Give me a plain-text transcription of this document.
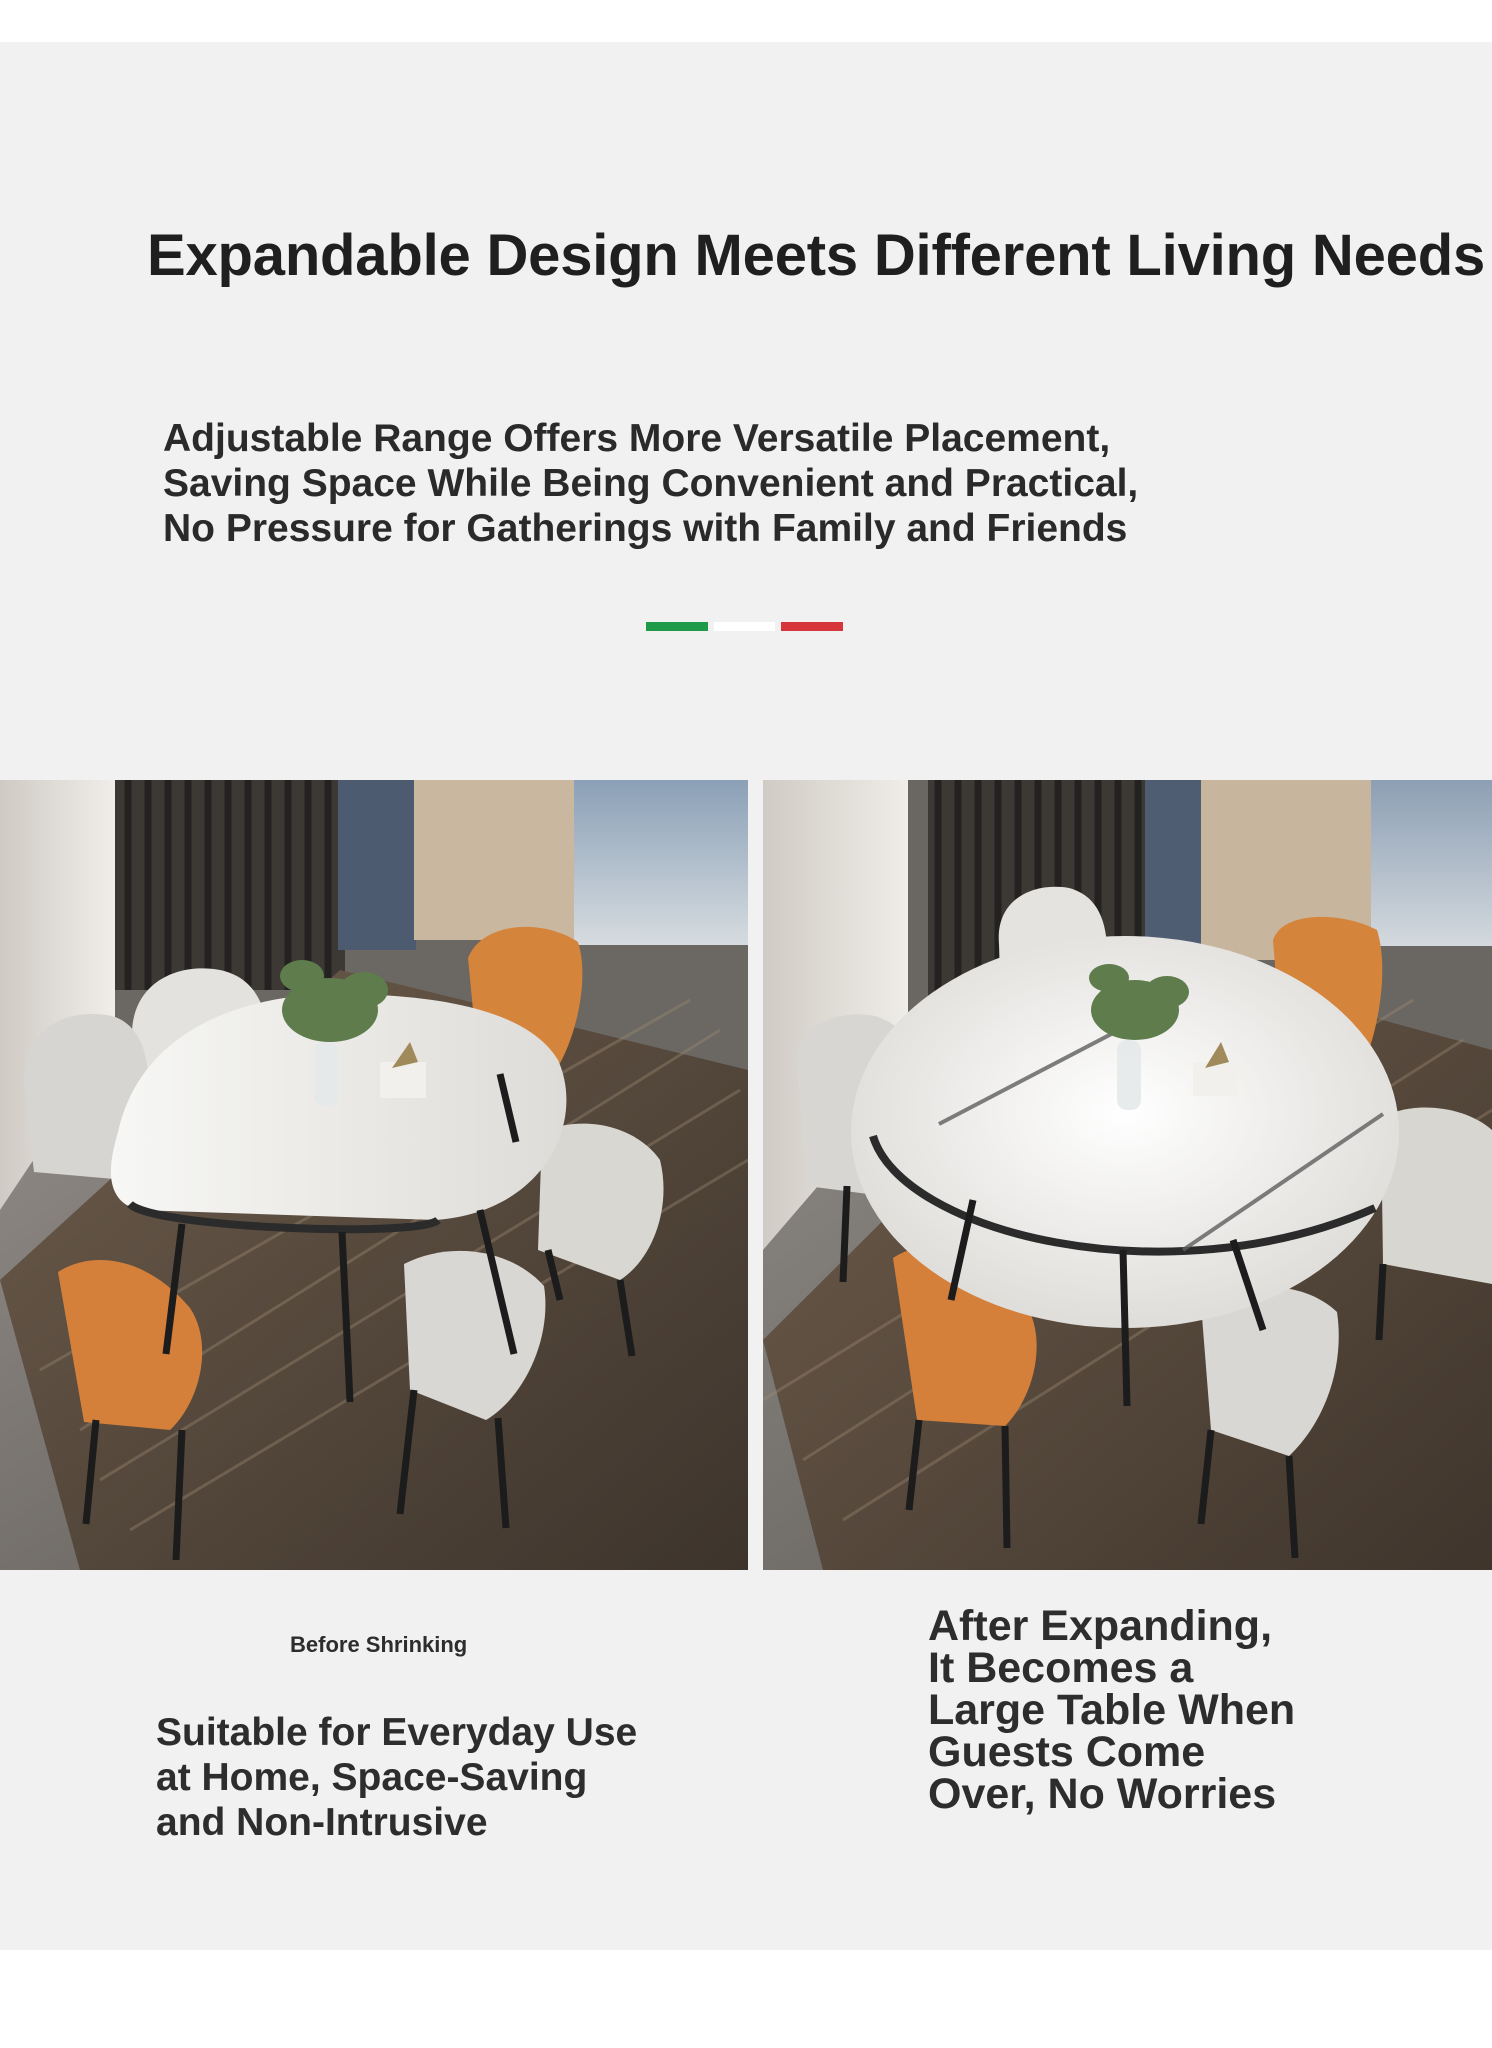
Expandable Design Meets Different Living Needs
Adjustable Range Offers More Versatile Placement,
Saving Space While Being Convenient and Practical,
No Pressure for Gatherings with Family and Friends
Before Shrinking
Suitable for Everyday Use
at Home, Space-Saving
and Non-Intrusive
After Expanding,
It Becomes a
Large Table When
Guests Come
Over, No Worries
